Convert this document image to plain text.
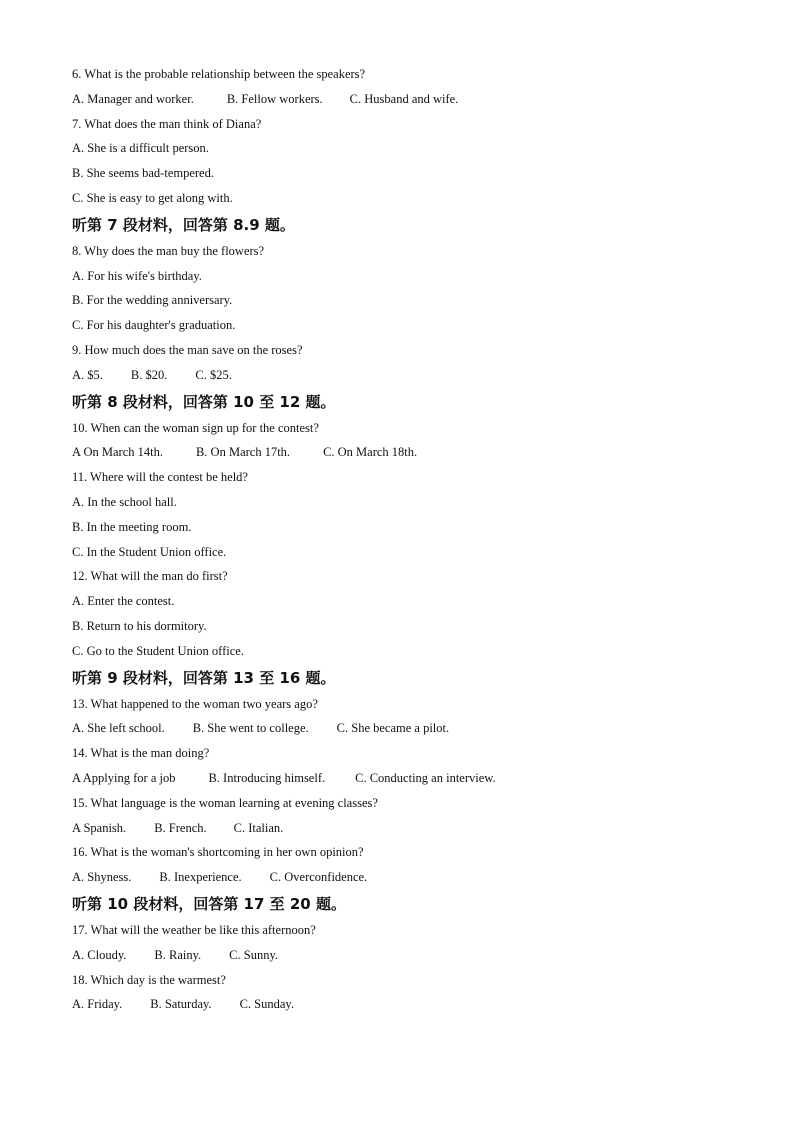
6. What is the probable relationship between the speakers?
A. Manager and worker.	B. Fellow workers. C. Husband and wife.
7. What does the man think of Diana?
A. She is a difficult person.
B. She seems bad-tempered.
C. She is easy to get along with.
听第 7 段材料，回答第 8.9 题。
8. Why does the man buy the flowers?
A. For his wife's birthday.
B. For the wedding anniversary.
C. For his daughter's graduation.
9. How much does the man save on the roses?
A. $5. B. $20. C. $25.
听第 8 段材料，回答第 10 至 12 题。
10. When can the woman sign up for the contest?
A On March 14th.	B. On March 17th.	C. On March 18th.
11. Where will the contest be held?
A. In the school hall.
B. In the meeting room.
C. In the Student Union office.
12. What will the man do first?
A. Enter the contest.
B. Return to his dormitory.
C. Go to the Student Union office.
听第 9 段材料，回答第 13 至 16 题。
13. What happened to the woman two years ago?
A. She left school. B. She went to college. C. She became a pilot.
14. What is the man doing?
A Applying for a job	B. Introducing himself. C. Conducting an interview.
15. What language is the woman learning at evening classes?
A Spanish. B. French. C. Italian.
16. What is the woman's shortcoming in her own opinion?
A. Shyness. B. Inexperience. C. Overconfidence.
听第 10 段材料，回答第 17 至 20 题。
17. What will the weather be like this afternoon?
A. Cloudy. B. Rainy. C. Sunny.
18. Which day is the warmest?
A. Friday. B. Saturday. C. Sunday.
